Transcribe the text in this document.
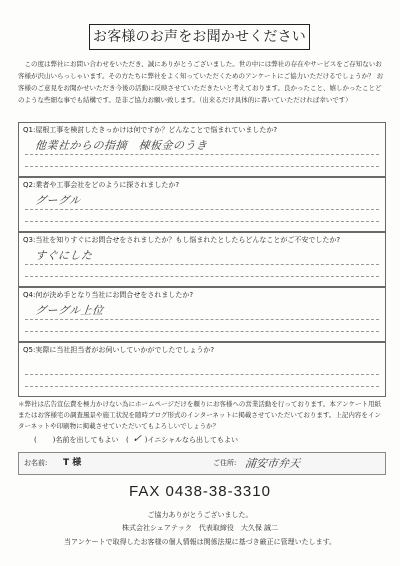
お客様のお声をお聞かせください
この度は弊社にお問い合わせをいただき、誠にありがとうございました。世の中には弊社の存在やサービスをご存知ないお客様が沢山いらっしゃいます。その方たちに弊社をよく知っていただくためのアンケートにご協力いただけるでしょうか？ お客様のご意見をお聞かせいただき今後の活動に反映させていただきたいと考えております。良かったこと、嬉しかったことどのような些細な事でも結構です。是非ご協力お願い致します。（出来るだけ具体的に書いていただければ幸いです）
Q1:屋根工事を検討したきっかけは何ですか？どんなことで悩まれていましたか?
他業社からの指摘　棟板金のうき
Q2:業者や工事会社をどのように探されましたか?
グーグル
Q3:当社を知りすぐにお問合せをされましたか？もし悩まれたとしたらどんなことがご不安でしたか?
すぐにした
Q4:何が決め手となり当社にお問合せをされましたか?
グーグル上位
Q5:実際に当社担当者がお伺いしていかがでしたでしょうか?
＊弊社は広告宣伝費を極力かけない為にホームページだけを頼りにお客様への営業活動を行っております。本アンケート用紙またはお客様宅の調査風景や施工状況を随時ブログ形式のインターネットに掲載させていただいております。上記内容をインターネットや印刷物に掲載させていただいてもよろしいでしょうか？
( )名前を出してもよい ( ✓ )イニシャルなら出してもよい
お名前: T 様	ご住所: 浦安市弁天
FAX 0438-38-3310
ご協力ありがとうございました。
株式会社シェアテック　代表取締役　大久保 誠二
当アンケートで取得したお客様の個人情報は関係法規に基づき厳正に管理いたします。
